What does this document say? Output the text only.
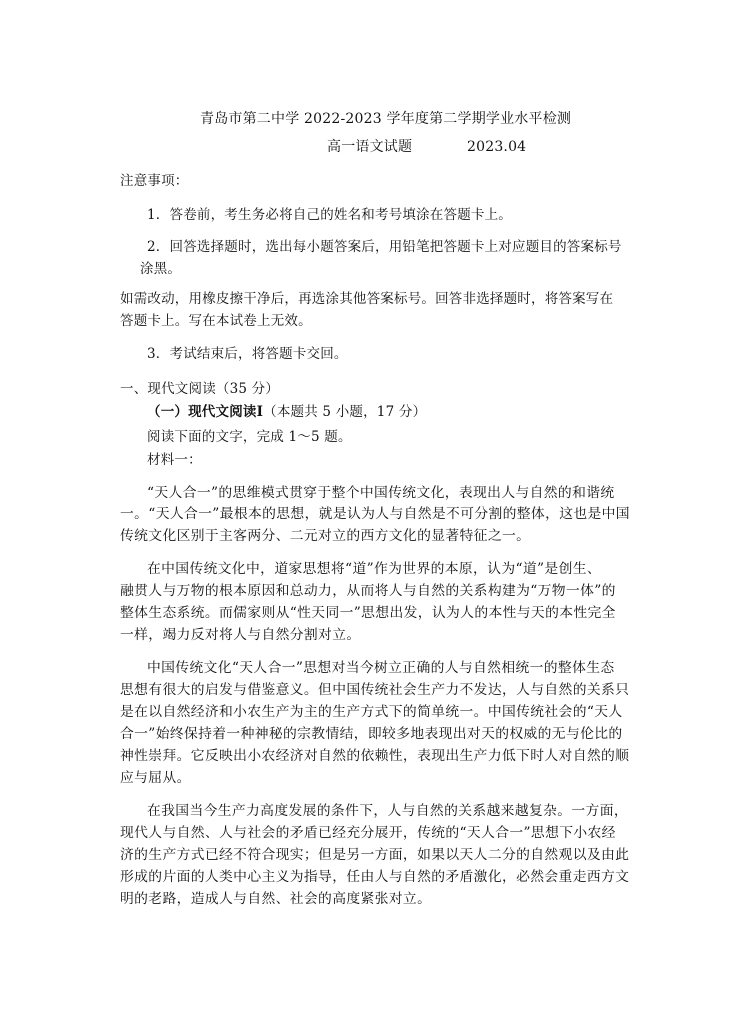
青岛市第二中学 2022-2023 学年度第二学期学业水平检测
高一语文试题	2023.04
注意事项：
1．答卷前，考生务必将自己的姓名和考号填涂在答题卡上。
2．回答选择题时，选出每小题答案后，用铅笔把答题卡上对应题目的答案标号
涂黑。
如需改动，用橡皮擦干净后，再选涂其他答案标号。回答非选择题时，将答案写在
答题卡上。写在本试卷上无效。
3．考试结束后，将答题卡交回。
一、现代文阅读（35 分）
（一）现代文阅读Ⅰ（本题共 5 小题，17 分）
阅读下面的文字，完成 1～5 题。
材料一：
“天人合一”的思维模式贯穿于整个中国传统文化，表现出人与自然的和谐统
一。“天人合一”最根本的思想，就是认为人与自然是不可分割的整体，这也是中国
传统文化区别于主客两分、二元对立的西方文化的显著特征之一。
在中国传统文化中，道家思想将“道”作为世界的本原，认为“道”是创生、
融贯人与万物的根本原因和总动力，从而将人与自然的关系构建为“万物一体”的
整体生态系统。而儒家则从“性天同一”思想出发，认为人的本性与天的本性完全
一样，竭力反对将人与自然分割对立。
中国传统文化“天人合一”思想对当今树立正确的人与自然相统一的整体生态
思想有很大的启发与借鉴意义。但中国传统社会生产力不发达，人与自然的关系只
是在以自然经济和小农生产为主的生产方式下的简单统一。中国传统社会的“天人
合一”始终保持着一种神秘的宗教情结，即较多地表现出对天的权威的无与伦比的
神性崇拜。它反映出小农经济对自然的依赖性，表现出生产力低下时人对自然的顺
应与屈从。
在我国当今生产力高度发展的条件下，人与自然的关系越来越复杂。一方面，
现代人与自然、人与社会的矛盾已经充分展开，传统的“天人合一”思想下小农经
济的生产方式已经不符合现实；但是另一方面，如果以天人二分的自然观以及由此
形成的片面的人类中心主义为指导，任由人与自然的矛盾激化，必然会重走西方文
明的老路，造成人与自然、社会的高度紧张对立。
